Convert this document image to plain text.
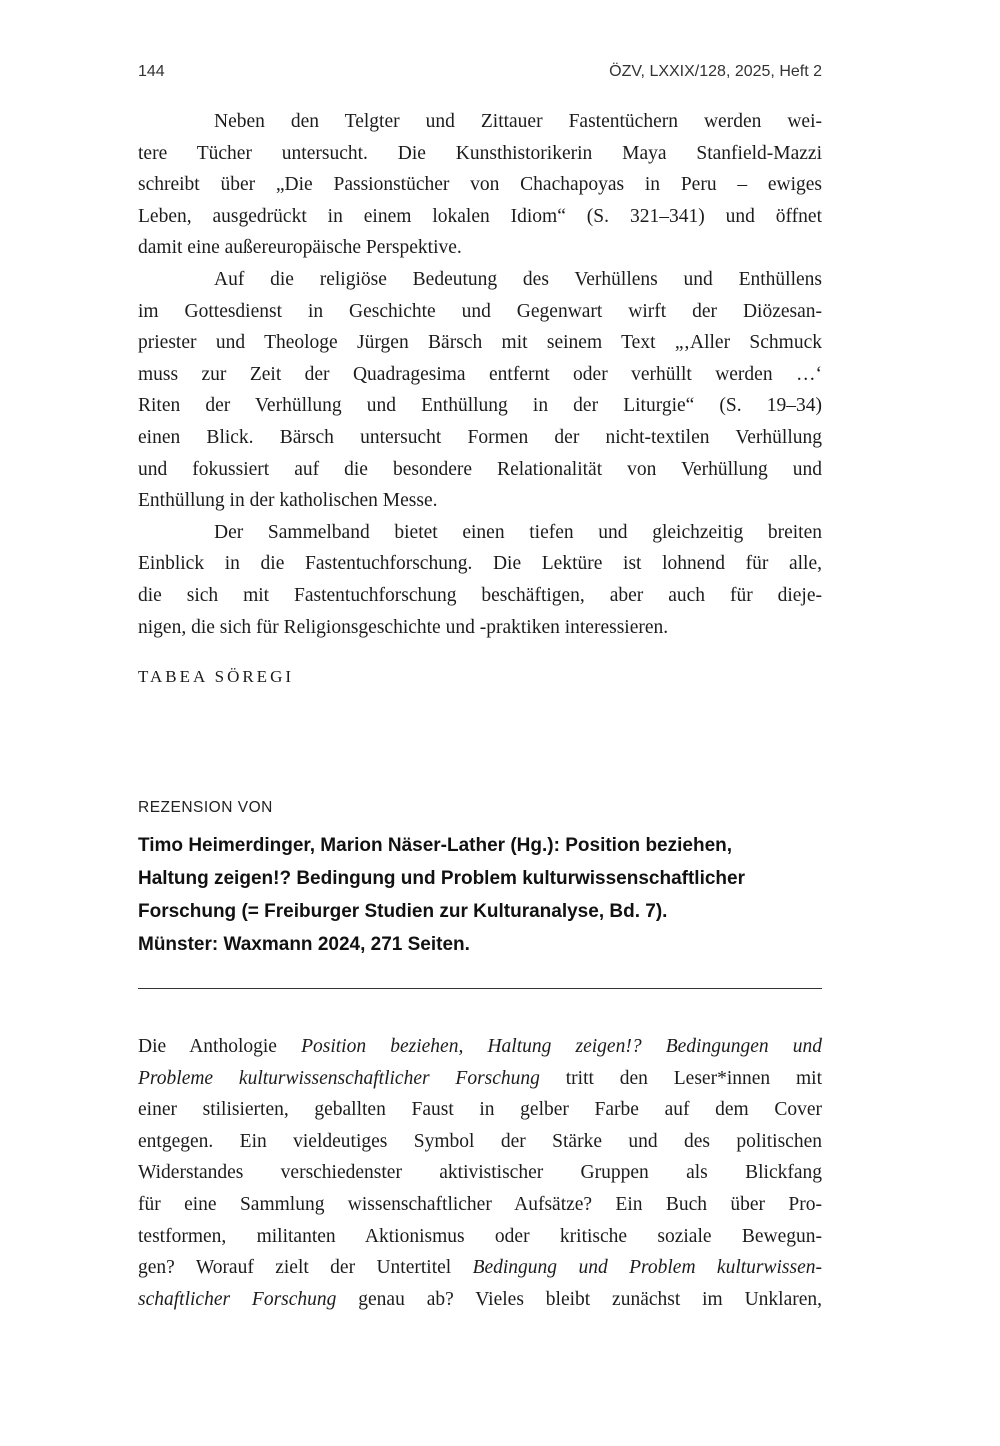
144	ÖZV, LXXIX/128, 2025, Heft 2
Neben den Telgter und Zittauer Fastentüchern werden wei-
tere Tücher untersucht. Die Kunsthistorikerin Maya Stanfield-Mazzi
schreibt über „Die Passionstücher von Chachapoyas in Peru – ewiges
Leben, ausgedrückt in einem lokalen Idiom“ (S. 321–341) und öffnet
damit eine außereuropäische Perspektive.
Auf die religiöse Bedeutung des Verhüllens und Enthüllens
im Gottesdienst in Geschichte und Gegenwart wirft der Diözesan-
priester und Theologe Jürgen Bärsch mit seinem Text „‚Aller Schmuck
muss zur Zeit der Quadragesima entfernt oder verhüllt werden …‘
Riten der Verhüllung und Enthüllung in der Liturgie“ (S. 19–34)
einen Blick. Bärsch untersucht Formen der nicht-textilen Verhüllung
und fokussiert auf die besondere Relationalität von Verhüllung und
Enthüllung in der katholischen Messe.
Der Sammelband bietet einen tiefen und gleichzeitig breiten
Einblick in die Fastentuchforschung. Die Lektüre ist lohnend für alle,
die sich mit Fastentuchforschung beschäftigen, aber auch für dieje-
nigen, die sich für Religionsgeschichte und -praktiken interessieren.
TABEA SÖREGI
REZENSION VON
Timo Heimerdinger, Marion Näser-Lather (Hg.): Position beziehen,
Haltung zeigen!? Bedingung und Problem kulturwissenschaftlicher
Forschung (= Freiburger Studien zur Kulturanalyse, Bd. 7).
Münster: Waxmann 2024, 271 Seiten.
Die Anthologie Position beziehen, Haltung zeigen!? Bedingungen und
Probleme kulturwissenschaftlicher Forschung tritt den Leser*innen mit
einer stilisierten, geballten Faust in gelber Farbe auf dem Cover
entgegen. Ein vieldeutiges Symbol der Stärke und des politischen
Widerstandes verschiedenster aktivistischer Gruppen als Blickfang
für eine Sammlung wissenschaftlicher Aufsätze? Ein Buch über Pro-
testformen, militanten Aktionismus oder kritische soziale Bewegun-
gen? Worauf zielt der Untertitel Bedingung und Problem kulturwissen-
schaftlicher Forschung genau ab? Vieles bleibt zunächst im Unklaren,
